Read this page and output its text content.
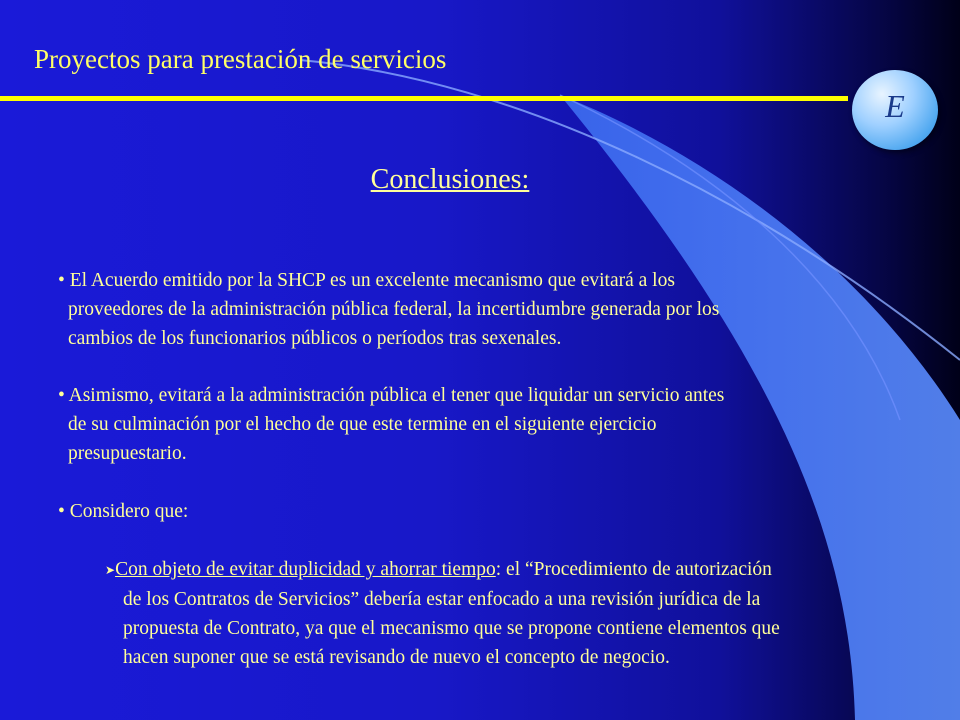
Proyectos para prestación de servicios
E
Conclusiones:
• El Acuerdo emitido por la SHCP es un excelente mecanismo que evitará a los
proveedores de la administración pública federal, la incertidumbre generada por los
cambios de los funcionarios públicos o períodos tras sexenales.
• Asimismo, evitará a la administración pública el tener que liquidar un servicio antes
de su culminación por el hecho de que este termine en el siguiente ejercicio
presupuestario.
• Considero que:
➤Con objeto de evitar duplicidad y ahorrar tiempo: el “Procedimiento de autorización
de los Contratos de Servicios” debería estar enfocado a una revisión jurídica de la
propuesta de Contrato, ya que el mecanismo que se propone contiene elementos que
hacen suponer que se está revisando de nuevo el concepto de negocio.
